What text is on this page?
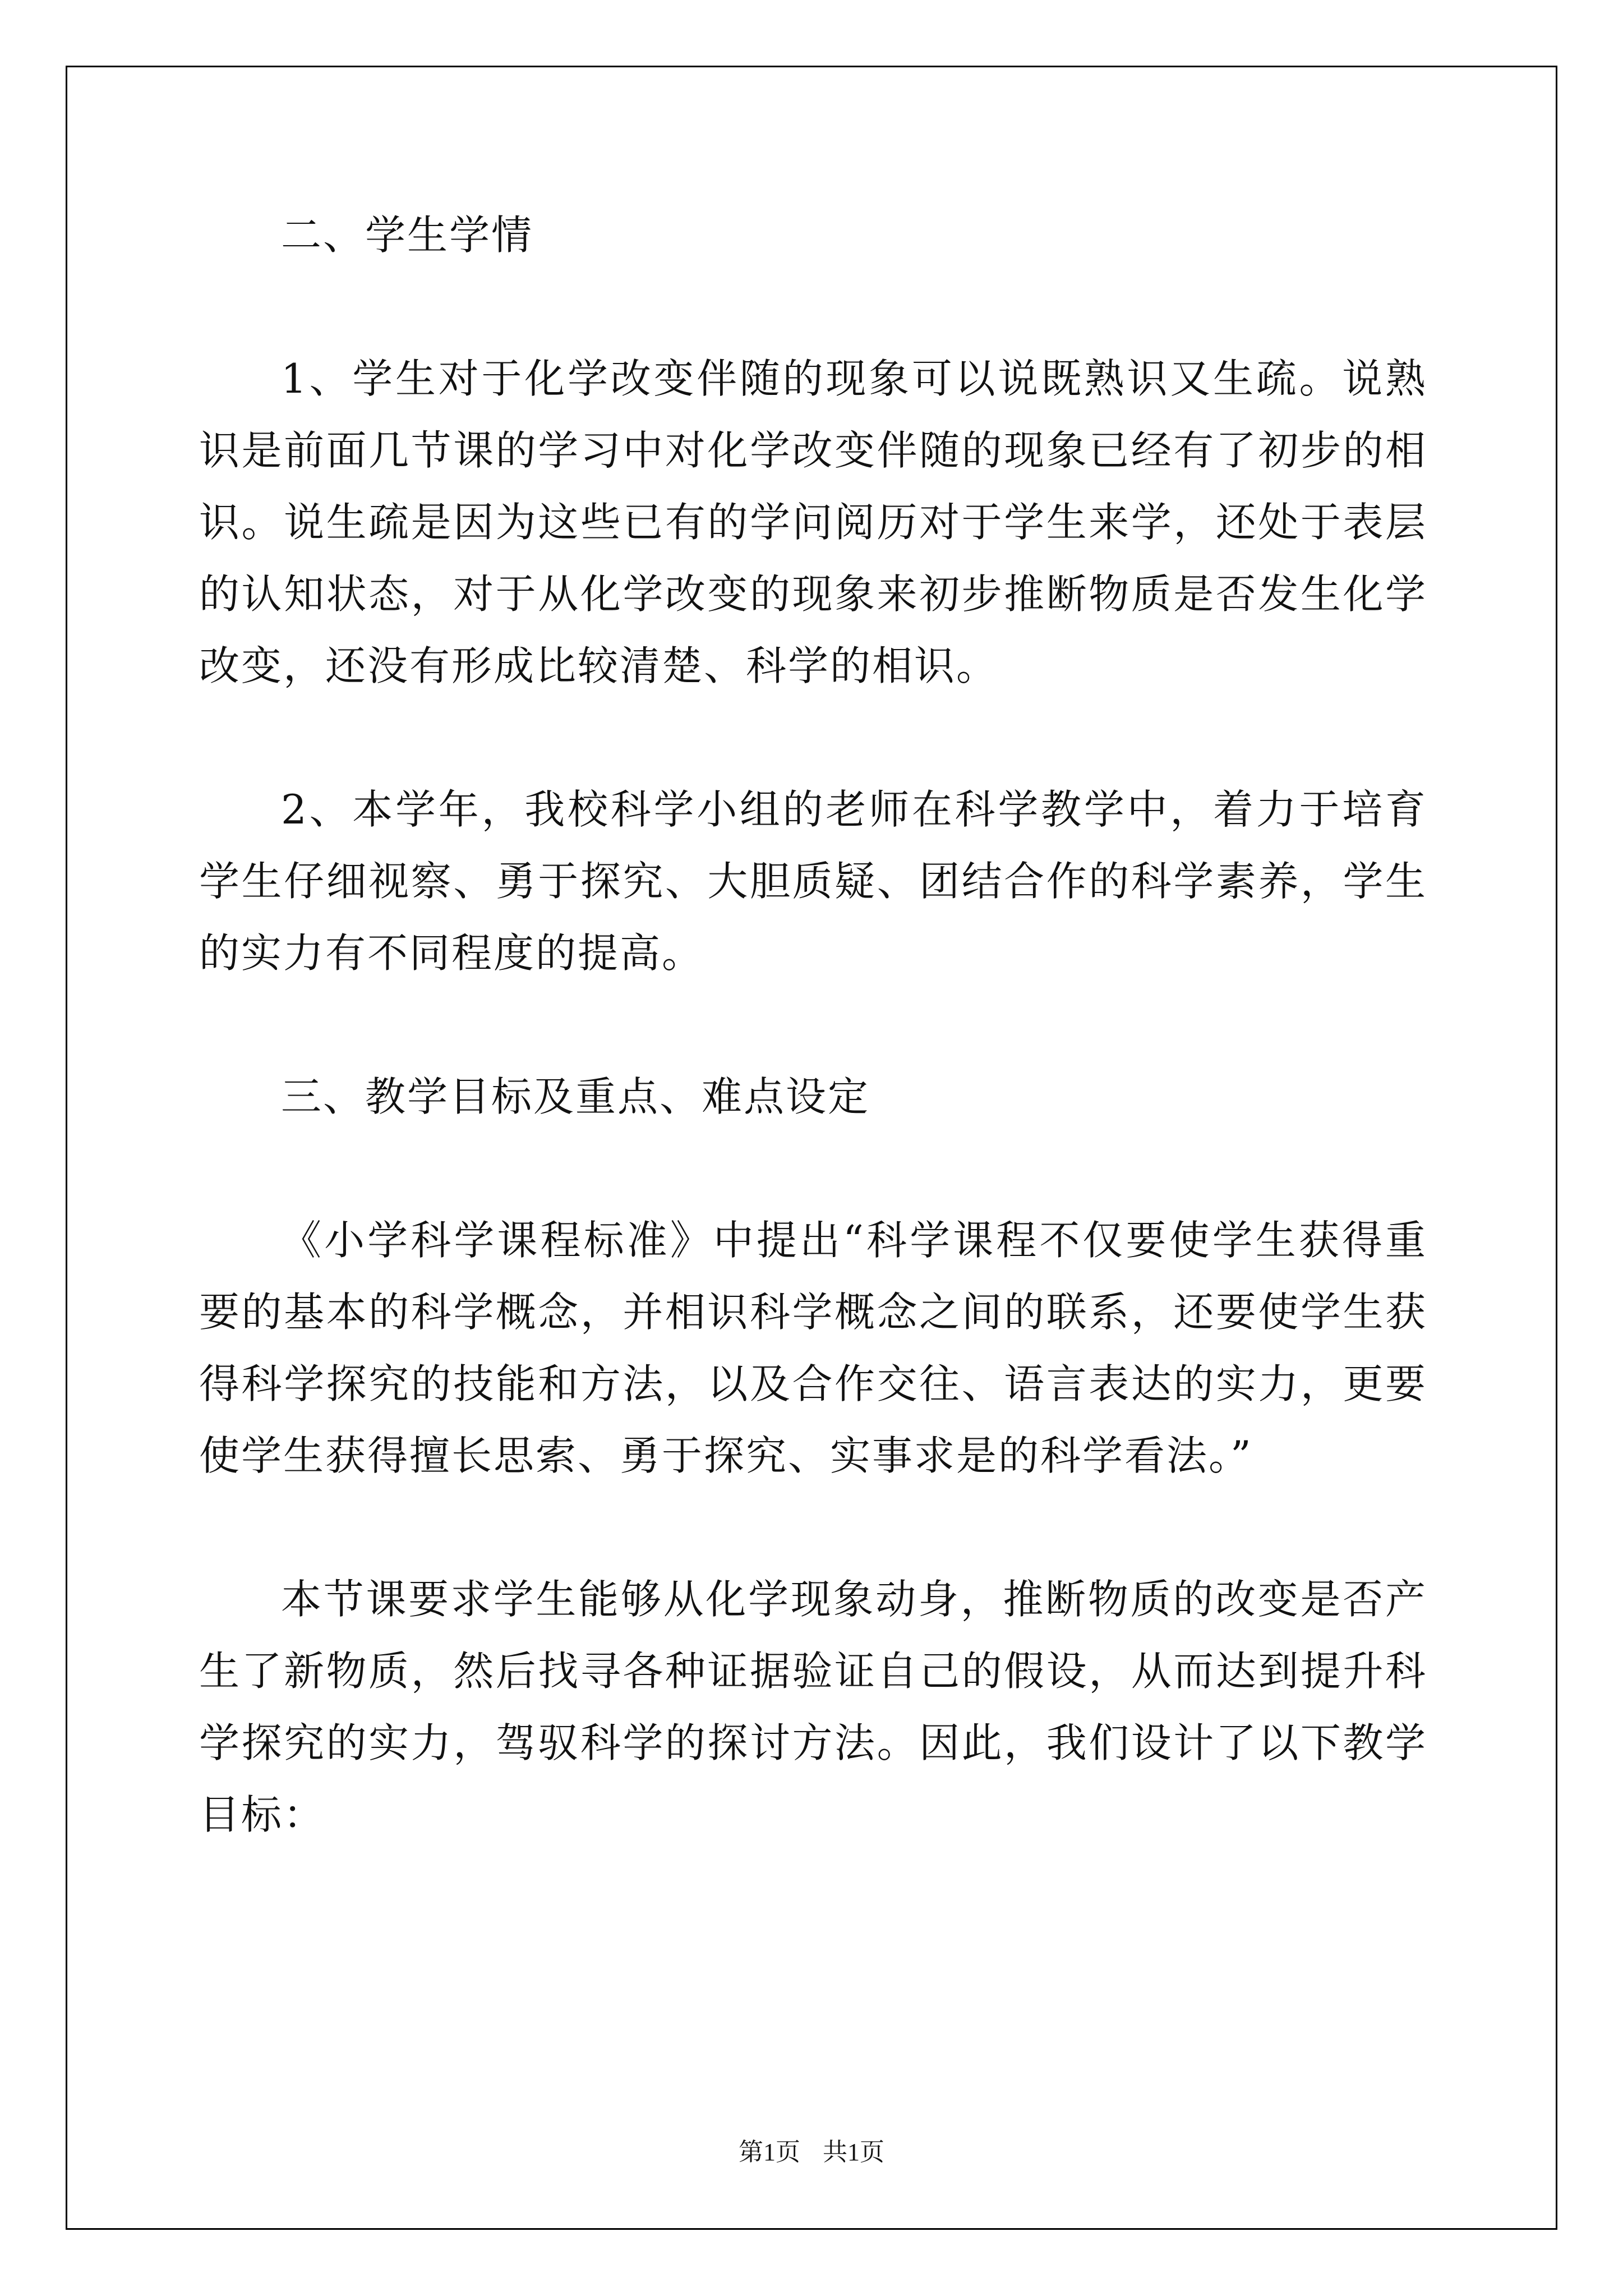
二、学生学情

1、学生对于化学改变伴随的现象可以说既熟识又生疏。说熟识是前面几节课的学习中对化学改变伴随的现象已经有了初步的相识。说生疏是因为这些已有的学问阅历对于学生来学，还处于表层的认知状态，对于从化学改变的现象来初步推断物质是否发生化学改变，还没有形成比较清楚、科学的相识。

2、本学年，我校科学小组的老师在科学教学中，着力于培育学生仔细视察、勇于探究、大胆质疑、团结合作的科学素养，学生的实力有不同程度的提高。

三、教学目标及重点、难点设定

《小学科学课程标准》中提出“科学课程不仅要使学生获得重要的基本的科学概念，并相识科学概念之间的联系，还要使学生获得科学探究的技能和方法，以及合作交往、语言表达的实力，更要使学生获得擅长思索、勇于探究、实事求是的科学看法。”

本节课要求学生能够从化学现象动身，推断物质的改变是否产生了新物质，然后找寻各种证据验证自己的假设，从而达到提升科学探究的实力，驾驭科学的探讨方法。因此，我们设计了以下教学目标：

第1页 共1页
